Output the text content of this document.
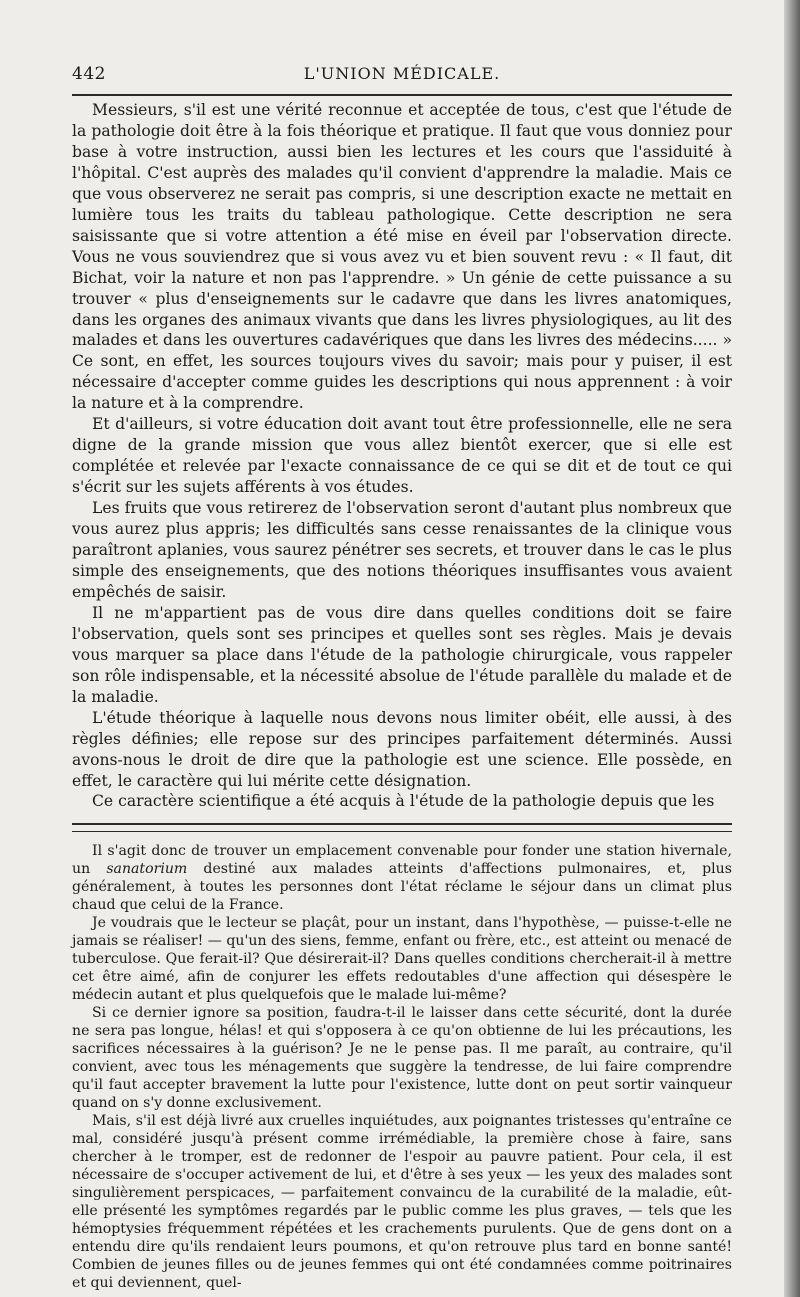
442	L'UNION MÉDICALE.

Messieurs, s'il est une vérité reconnue et acceptée de tous, c'est que l'étude de la pathologie doit être à la fois théorique et pratique. Il faut que vous donniez pour base à votre instruction, aussi bien les lectures et les cours que l'assiduité à l'hôpital. C'est auprès des malades qu'il convient d'apprendre la maladie. Mais ce que vous observerez ne serait pas compris, si une description exacte ne mettait en lumière tous les traits du tableau pathologique. Cette description ne sera saisissante que si votre attention a été mise en éveil par l'observation directe. Vous ne vous souviendrez que si vous avez vu et bien souvent revu : « Il faut, dit Bichat, voir la nature et non pas l'apprendre. » Un génie de cette puissance a su trouver « plus d'enseignements sur le cadavre que dans les livres anatomiques, dans les organes des animaux vivants que dans les livres physiologiques, au lit des malades et dans les ouvertures cadavériques que dans les livres des médecins..... » Ce sont, en effet, les sources toujours vives du savoir; mais pour y puiser, il est nécessaire d'accepter comme guides les descriptions qui nous apprennent : à voir la nature et à la comprendre.

Et d'ailleurs, si votre éducation doit avant tout être professionnelle, elle ne sera digne de la grande mission que vous allez bientôt exercer, que si elle est complétée et relevée par l'exacte connaissance de ce qui se dit et de tout ce qui s'écrit sur les sujets afférents à vos études.

Les fruits que vous retirerez de l'observation seront d'autant plus nombreux que vous aurez plus appris; les difficultés sans cesse renaissantes de la clinique vous paraîtront aplanies, vous saurez pénétrer ses secrets, et trouver dans le cas le plus simple des enseignements, que des notions théoriques insuffisantes vous avaient empêchés de saisir.

Il ne m'appartient pas de vous dire dans quelles conditions doit se faire l'observation, quels sont ses principes et quelles sont ses règles. Mais je devais vous marquer sa place dans l'étude de la pathologie chirurgicale, vous rappeler son rôle indispensable, et la nécessité absolue de l'étude parallèle du malade et de la maladie.

L'étude théorique à laquelle nous devons nous limiter obéit, elle aussi, à des règles définies; elle repose sur des principes parfaitement déterminés. Aussi avons-nous le droit de dire que la pathologie est une science. Elle possède, en effet, le caractère qui lui mérite cette désignation.

Ce caractère scientifique a été acquis à l'étude de la pathologie depuis que les

Il s'agit donc de trouver un emplacement convenable pour fonder une station hivernale, un sanatorium destiné aux malades atteints d'affections pulmonaires, et, plus généralement, à toutes les personnes dont l'état réclame le séjour dans un climat plus chaud que celui de la France.

Je voudrais que le lecteur se plaçât, pour un instant, dans l'hypothèse, — puisse-t-elle ne jamais se réaliser! — qu'un des siens, femme, enfant ou frère, etc., est atteint ou menacé de tuberculose. Que ferait-il? Que désirerait-il? Dans quelles conditions chercherait-il à mettre cet être aimé, afin de conjurer les effets redoutables d'une affection qui désespère le médecin autant et plus quelquefois que le malade lui-même?

Si ce dernier ignore sa position, faudra-t-il le laisser dans cette sécurité, dont la durée ne sera pas longue, hélas! et qui s'opposera à ce qu'on obtienne de lui les précautions, les sacrifices nécessaires à la guérison? Je ne le pense pas. Il me paraît, au contraire, qu'il convient, avec tous les ménagements que suggère la tendresse, de lui faire comprendre qu'il faut accepter bravement la lutte pour l'existence, lutte dont on peut sortir vainqueur quand on s'y donne exclusivement.

Mais, s'il est déjà livré aux cruelles inquiétudes, aux poignantes tristesses qu'entraîne ce mal, considéré jusqu'à présent comme irrémédiable, la première chose à faire, sans chercher à le tromper, est de redonner de l'espoir au pauvre patient. Pour cela, il est nécessaire de s'occuper activement de lui, et d'être à ses yeux — les yeux des malades sont singulièrement perspicaces, — parfaitement convaincu de la curabilité de la maladie, eût-elle présenté les symptômes regardés par le public comme les plus graves, — tels que les hémoptysies fréquemment répétées et les crachements purulents. Que de gens dont on a entendu dire qu'ils rendaient leurs poumons, et qu'on retrouve plus tard en bonne santé! Combien de jeunes filles ou de jeunes femmes qui ont été condamnées comme poitrinaires et qui deviennent, quel-
